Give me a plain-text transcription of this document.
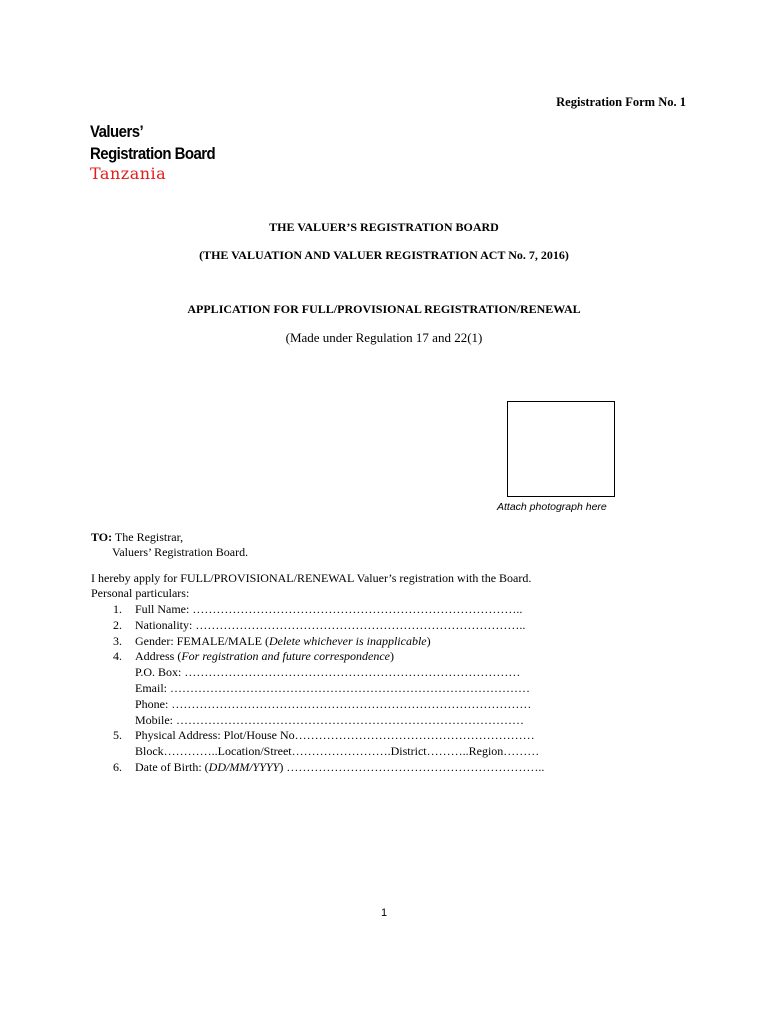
Registration Form No. 1
Valuers’
Registration Board
Tanzania
THE VALUER’S REGISTRATION BOARD
(THE VALUATION AND VALUER REGISTRATION ACT No. 7, 2016)
APPLICATION FOR FULL/PROVISIONAL REGISTRATION/RENEWAL
(Made under Regulation 17 and 22(1)
Attach photograph here
TO: The Registrar,
Valuers’ Registration Board.
I hereby apply for FULL/PROVISIONAL/RENEWAL Valuer’s registration with the Board.
Personal particulars:
1. Full Name: ………………………………………………………………………..
2. Nationality: ………………………………………………………………………..
3. Gender: FEMALE/MALE (Delete whichever is inapplicable)
4. Address (For registration and future correspondence)
P.O. Box: …………………………………………………………………………
Email: ………………………………………………………………………………
Phone: ………………………………………………………………………………
Mobile: ……………………………………………………………………………
5. Physical Address: Plot/House No……………………………………………………
Block…………..Location/Street…………………….District………..Region………
6. Date of Birth: (DD/MM/YYYY) ………………………………………………………..
1
